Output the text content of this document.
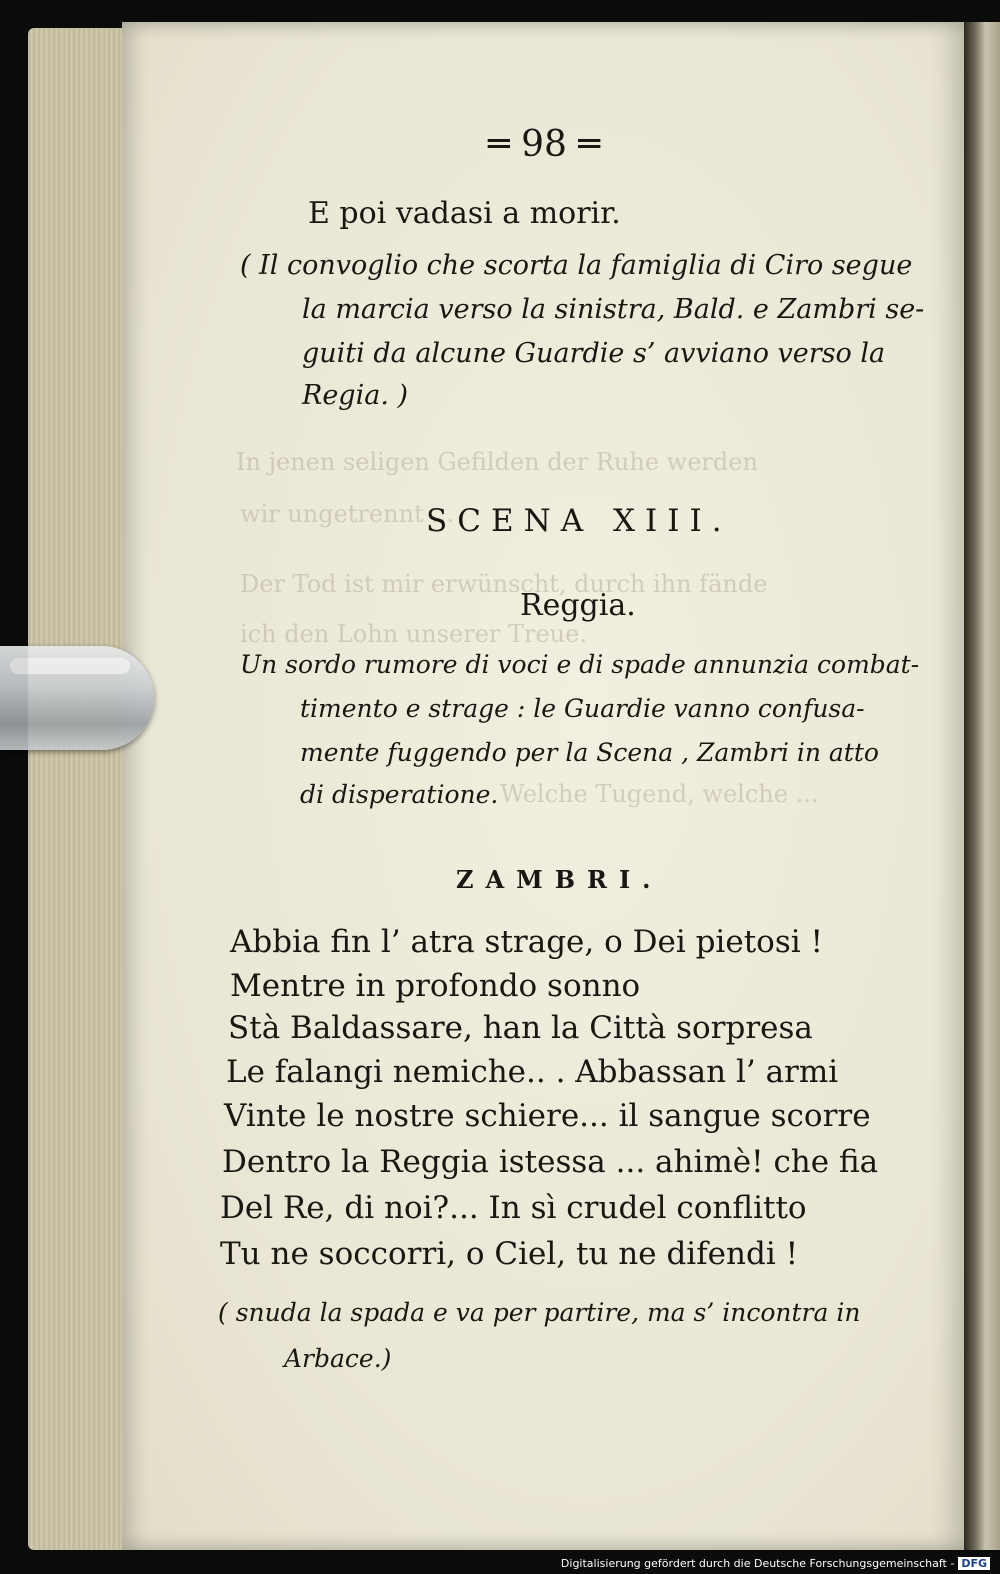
In jenen seligen Gefilden der Ruhe werden
wir ungetrennt ...
Der Tod ist mir erwünscht, durch ihn fände
ich den Lohn unserer Treue.
Welche Tugend, welche ...
═ 98 ═
E poi vadasi a morir.
( Il convoglio che scorta la famiglia di Ciro segue
la marcia verso la sinistra, Bald. e Zambri se-
guiti da alcune Guardie s’ avviano verso la
Regia. )
SCENA XIII.
Reggia.
Un sordo rumore di voci e di spade annunzia combat-
timento e strage : le Guardie vanno confusa-
mente fuggendo per la Scena , Zambri in atto
di disperatione.
ZAMBRI.
Abbia fin l’ atra strage, o Dei pietosi !
Mentre in profondo sonno
Stà Baldassare, han la Città sorpresa
Le falangi nemiche.. . Abbassan l’ armi
Vinte le nostre schiere... il sangue scorre
Dentro la Reggia istessa ... ahimè! che fia
Del Re, di noi?... In sì crudel conflitto
Tu ne soccorri, o Ciel, tu ne difendi !
( snuda la spada e va per partire, ma s’ incontra in
Arbace.)
Digitalisierung gefördert durch die Deutsche Forschungsgemeinschaft - DFG
